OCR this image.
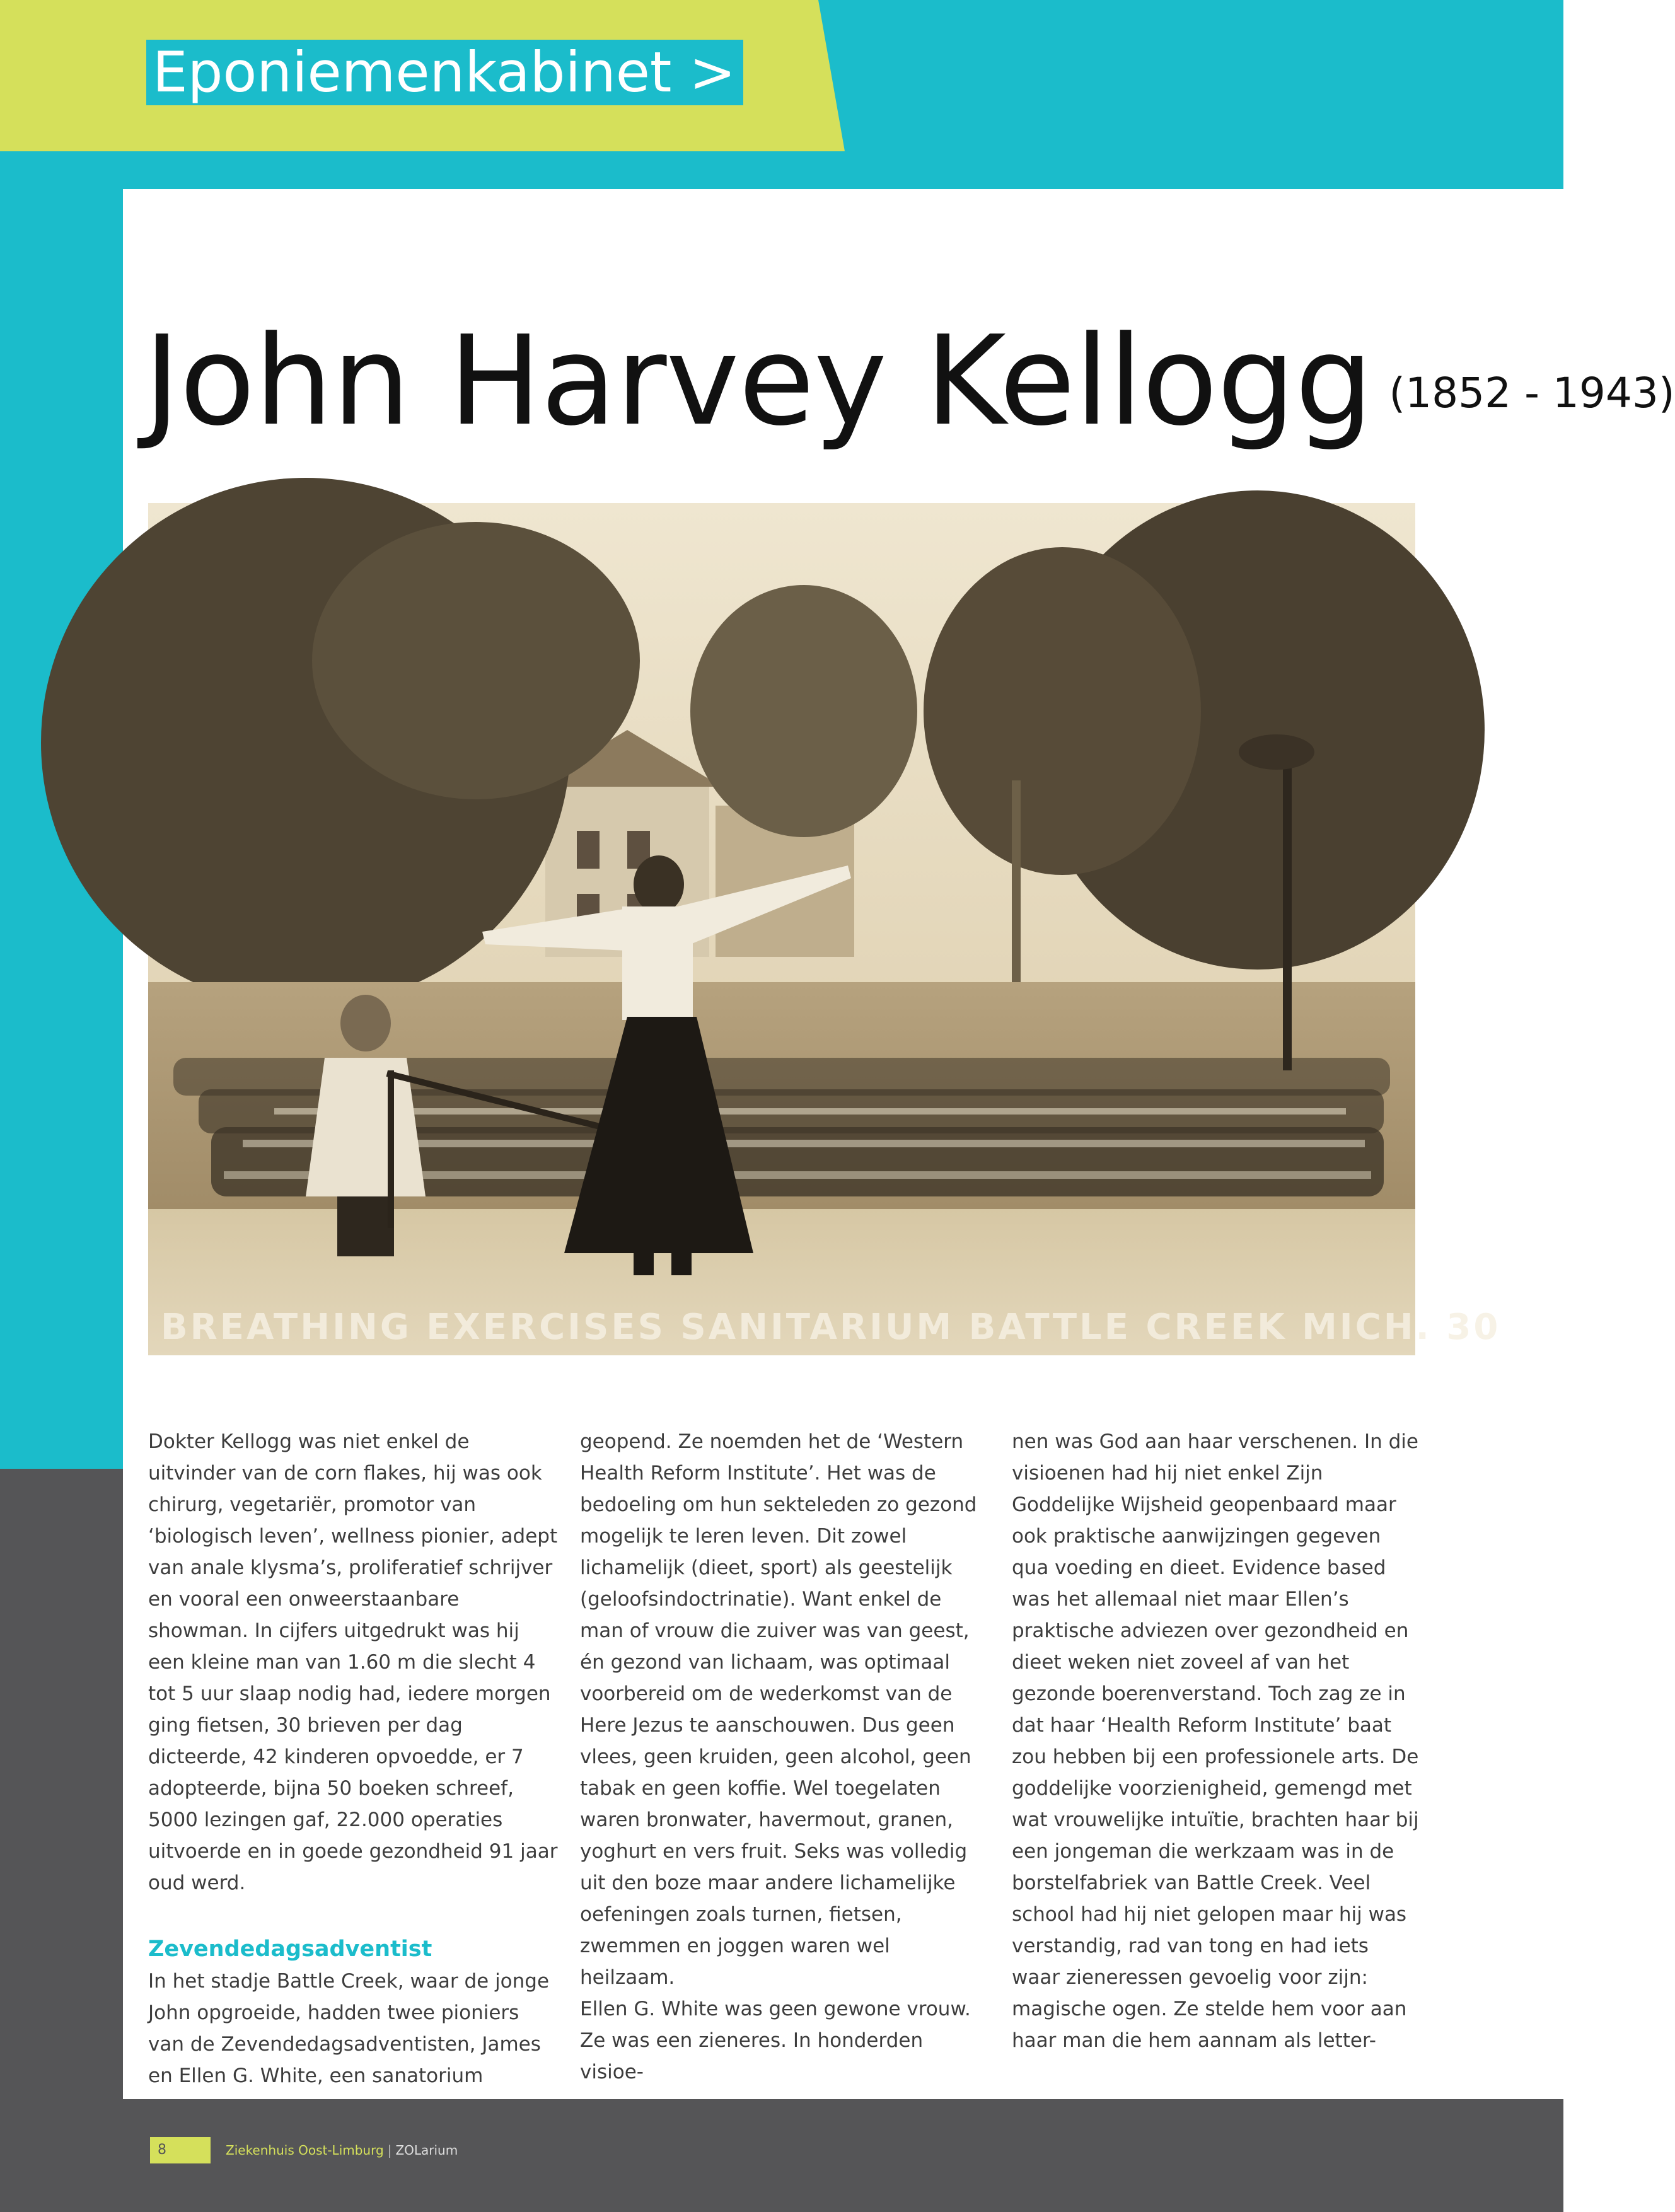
Eponiemenkabinet >
John Harvey Kellogg (1852 - 1943)
BREATHING EXERCISES SANITARIUM BATTLE CREEK MICH. 30

Dokter Kellogg was niet enkel de uitvinder van de corn flakes, hij was ook chirurg, vegetariër, promotor van ‘biologisch leven’, wellness pionier, adept van anale klysma’s, proliferatief schrijver en vooral een onweerstaanbare showman. In cijfers uitgedrukt was hij een kleine man van 1.60 m die slecht 4 tot 5 uur slaap nodig had, iedere morgen ging fietsen, 30 brieven per dag dicteerde, 42 kinderen opvoedde, er 7 adopteerde, bijna 50 boeken schreef, 5000 lezingen gaf, 22.000 operaties uitvoerde en in goede gezondheid 91 jaar oud werd.

Zevendedagsadventist

In het stadje Battle Creek, waar de jonge John opgroeide, hadden twee pioniers van de Zevendedagsadventisten, James en Ellen G. White, een sanatorium

geopend. Ze noemden het de ‘Western Health Reform Institute’. Het was de bedoeling om hun sekteleden zo gezond mogelijk te leren leven. Dit zowel lichamelijk (dieet, sport) als geestelijk (geloofsindoctrinatie). Want enkel de man of vrouw die zuiver was van geest, én gezond van lichaam, was optimaal voorbereid om de wederkomst van de Here Jezus te aanschouwen. Dus geen vlees, geen kruiden, geen alcohol, geen tabak en geen koffie. Wel toegelaten waren bronwater, havermout, granen, yoghurt en vers fruit. Seks was volledig uit den boze maar andere lichamelijke oefeningen zoals turnen, fietsen, zwemmen en joggen waren wel heilzaam.

Ellen G. White was geen gewone vrouw. Ze was een zieneres. In honderden visioe-

nen was God aan haar verschenen. In die visioenen had hij niet enkel Zijn Goddelijke Wijsheid geopenbaard maar ook praktische aanwijzingen gegeven qua voeding en dieet. Evidence based was het allemaal niet maar Ellen’s praktische adviezen over gezondheid en dieet weken niet zoveel af van het gezonde boerenverstand. Toch zag ze in dat haar ‘Health Reform Institute’ baat zou hebben bij een professionele arts. De goddelijke voorzienigheid, gemengd met wat vrouwelijke intuïtie, brachten haar bij een jongeman die werkzaam was in de borstelfabriek van Battle Creek. Veel school had hij niet gelopen maar hij was verstandig, rad van tong en had iets waar zieneressen gevoelig voor zijn: magische ogen. Ze stelde hem voor aan haar man die hem aannam als letter-

8	Ziekenhuis Oost-Limburg | ZOLarium
